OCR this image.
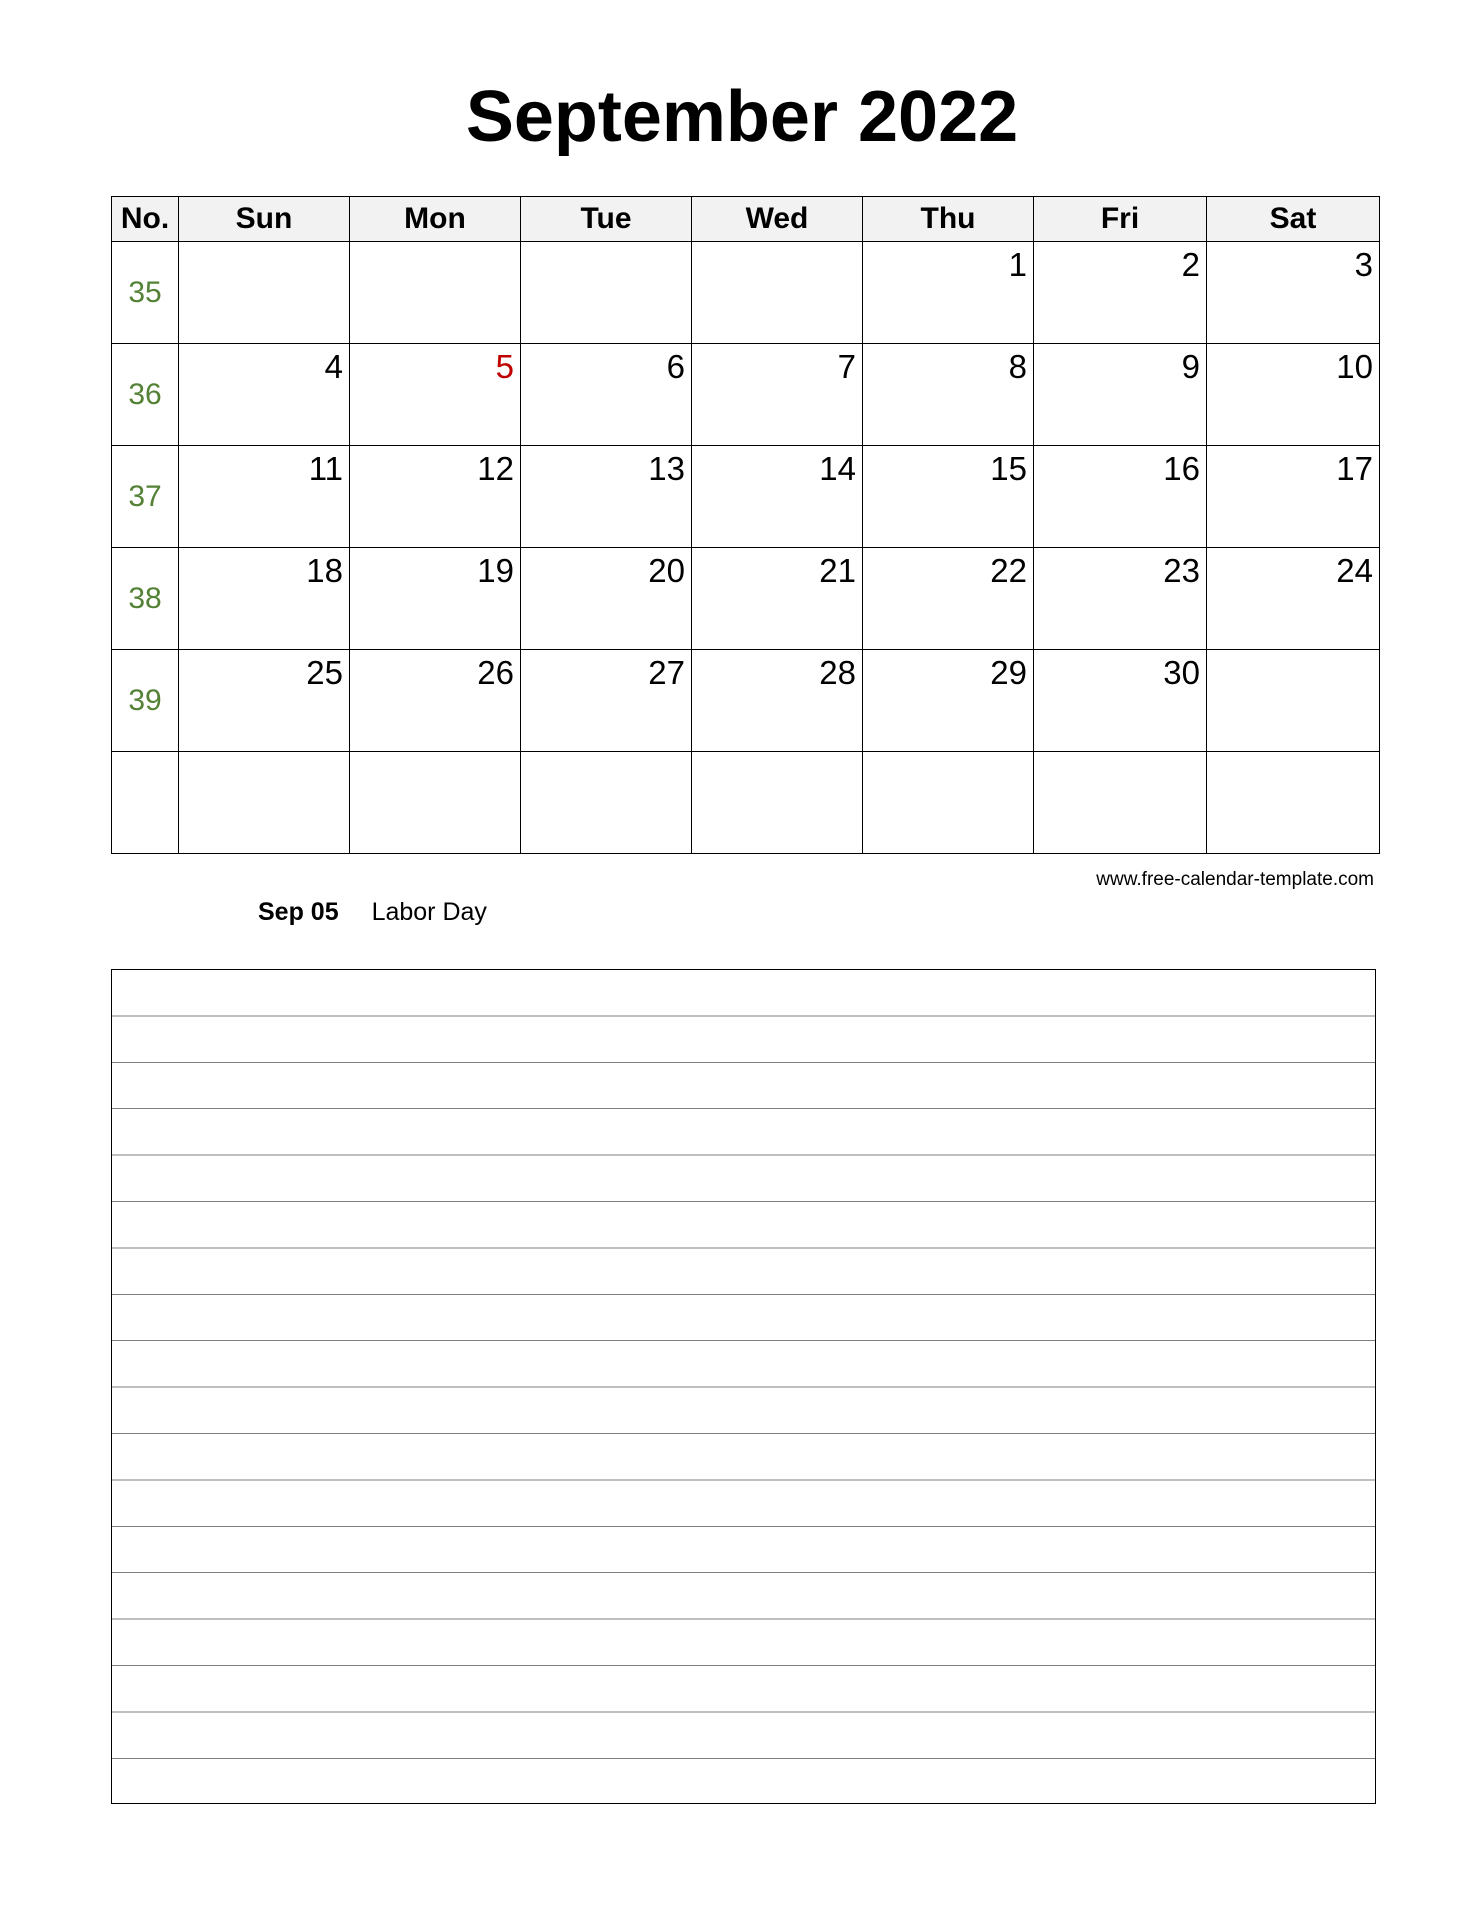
September 2022
No.	Sun	Mon	Tue	Wed	Thu	Fri	Sat
35					1	2	3
36	4	5	6	7	8	9	10
37	11	12	13	14	15	16	17
38	18	19	20	21	22	23	24
39	25	26	27	28	29	30	

www.free-calendar-template.com
Sep 05 Labor Day
